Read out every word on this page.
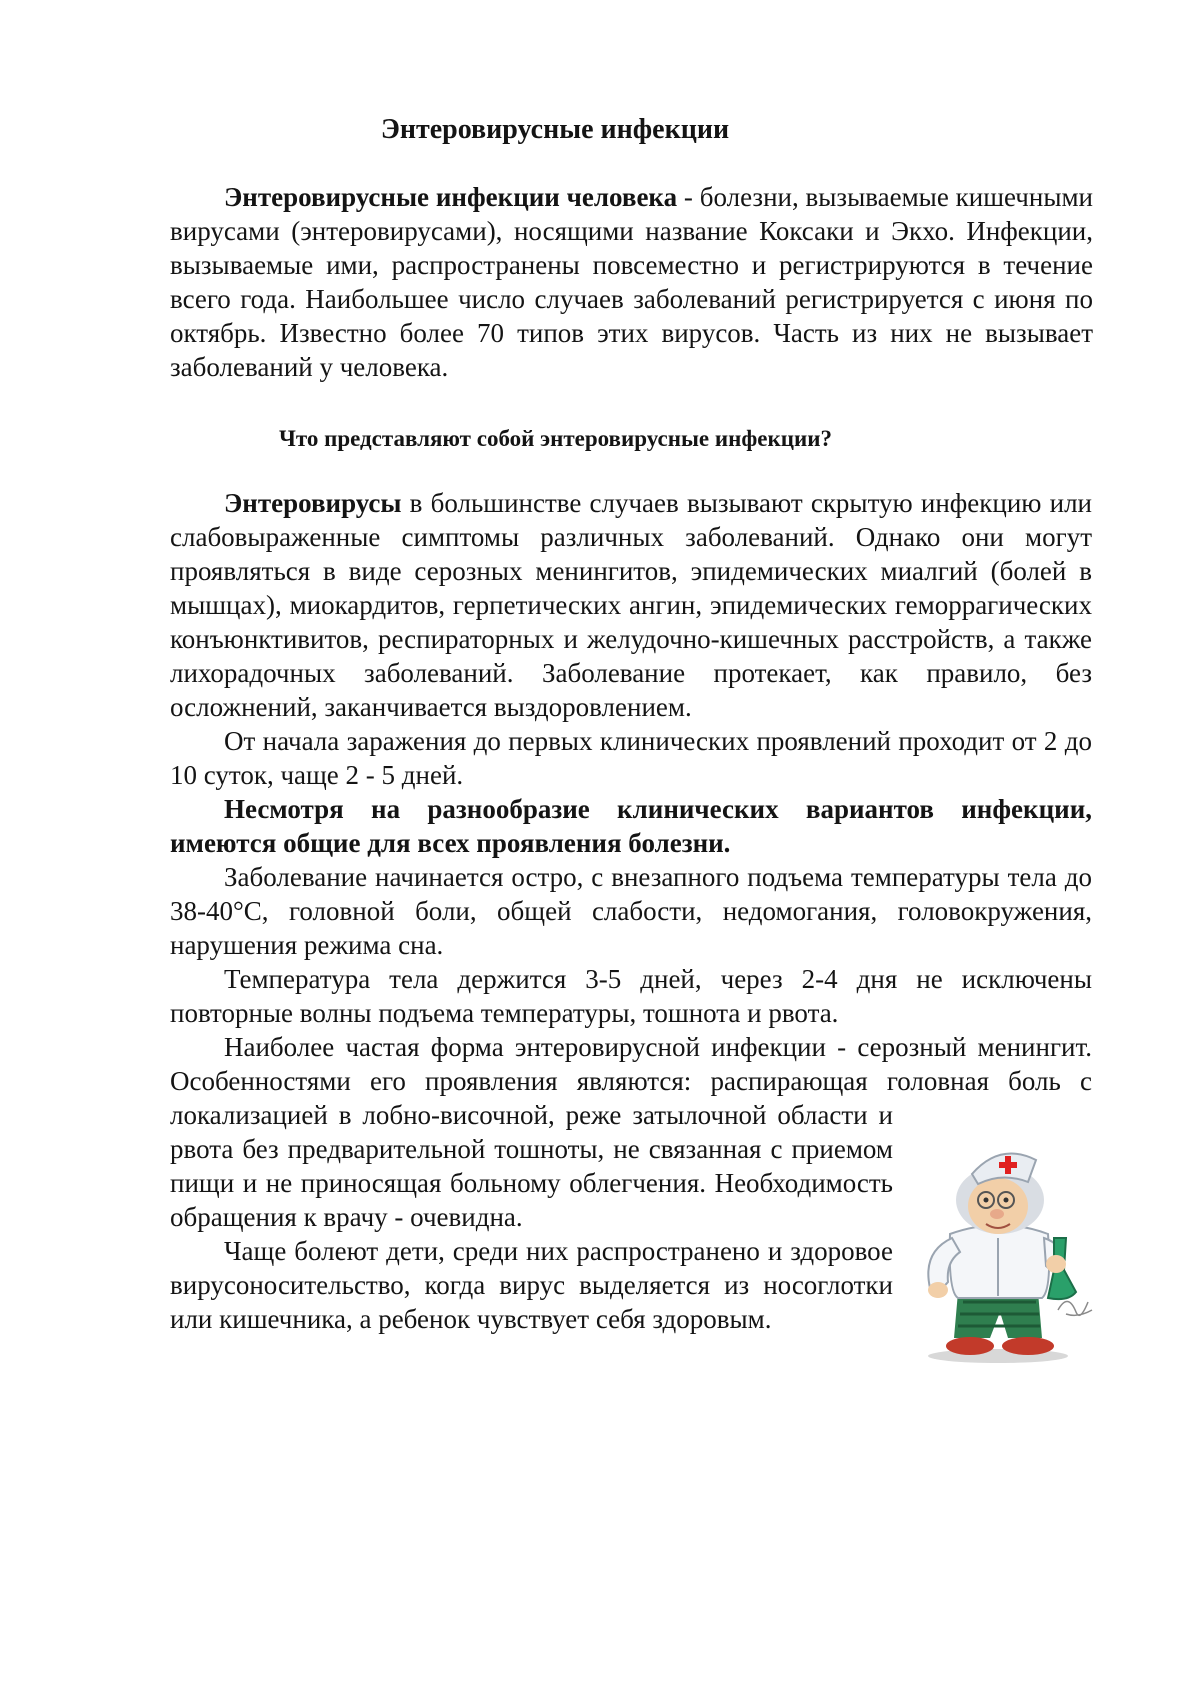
Энтеровирусные инфекции

Энтеровирусные инфекции человека - болезни, вызываемые кишечными вирусами (энтеровирусами), носящими название Коксаки и Экхо. Инфекции, вызываемые ими, распространены повсеместно и регистрируются в течение всего года. Наибольшее число случаев заболеваний регистрируется с июня по октябрь. Известно более 70 типов этих вирусов. Часть из них не вызывает заболеваний у человека.

Что представляют собой энтеровирусные инфекции?

Энтеровирусы в большинстве случаев вызывают скрытую инфекцию или слабовыраженные симптомы различных заболеваний. Однако они могут проявляться в виде серозных менингитов, эпидемических миалгий (болей в мышцах), миокардитов, герпетических ангин, эпидемических геморрагических конъюнктивитов, респираторных и желудочно-кишечных расстройств, а также лихорадочных заболеваний. Заболевание протекает, как правило, без осложнений, заканчивается выздоровлением.

От начала заражения до первых клинических проявлений проходит от 2 до 10 суток, чаще 2 - 5 дней.

Несмотря на разнообразие клинических вариантов инфекции, имеются общие для всех проявления болезни.

Заболевание начинается остро, с внезапного подъема температуры тела до 38-40°С, головной боли, общей слабости, недомогания, головокружения, нарушения режима сна.

Температура тела держится 3-5 дней, через 2-4 дня не исключены повторные волны подъема температуры, тошнота и рвота.

Наиболее частая форма энтеровирусной инфекции - серозный менингит. Особенностями его проявления являются: распирающая головная боль с локализацией в лобно-височной, реже затылочной области и рвота без предварительной тошноты, не связанная с приемом пищи и не приносящая больному облегчения. Необходимость обращения к врачу - очевидна.

Чаще болеют дети, среди них распространено и здоровое вирусоносительство, когда вирус выделяется из носоглотки или кишечника, а ребенок чувствует себя здоровым.
